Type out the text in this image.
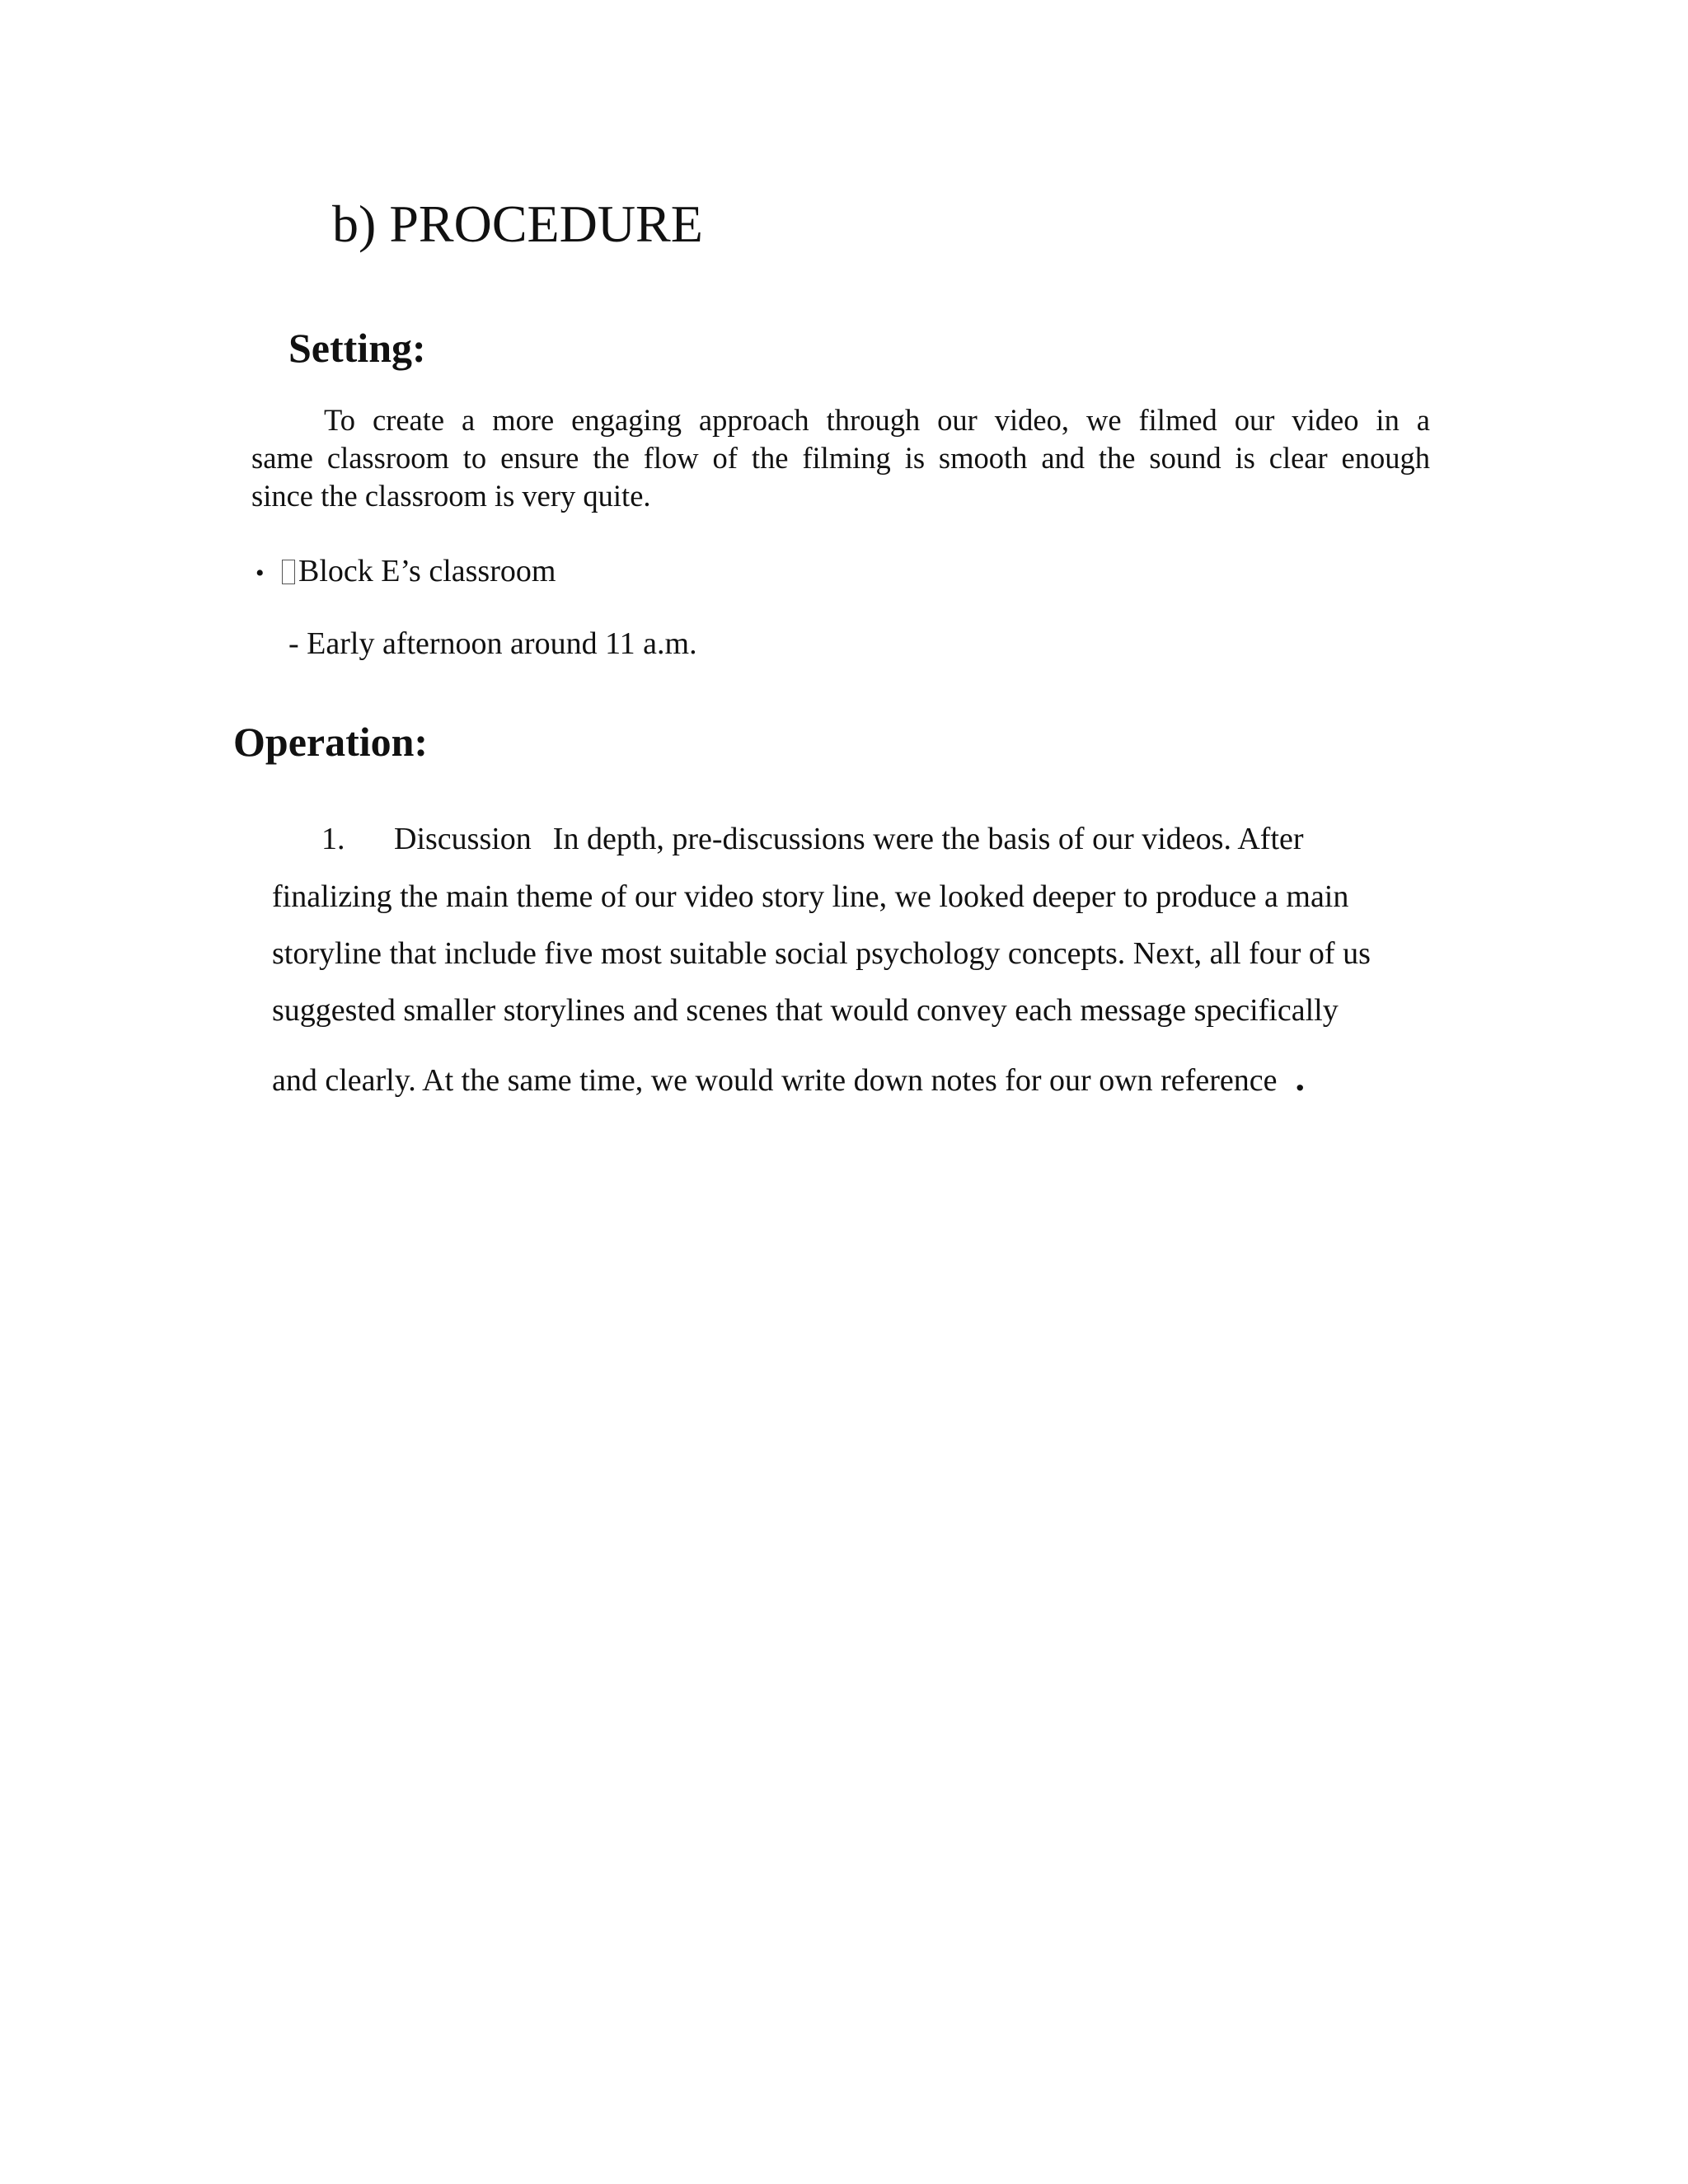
b) PROCEDURE
Setting:
To create a more engaging approach through our video, we filmed our video in a
same classroom to ensure the flow of the filming is smooth and the sound is clear enough
since the classroom is very quite.
• Block E’s classroom
- Early afternoon around 11 a.m.
Operation:
1. Discussion In depth, pre-discussions were the basis of our videos. After
finalizing the main theme of our video story line, we looked deeper to produce a main
storyline that include five most suitable social psychology concepts. Next, all four of us
suggested smaller storylines and scenes that would convey each message specifically
and clearly. At the same time, we would write down notes for our own reference .
